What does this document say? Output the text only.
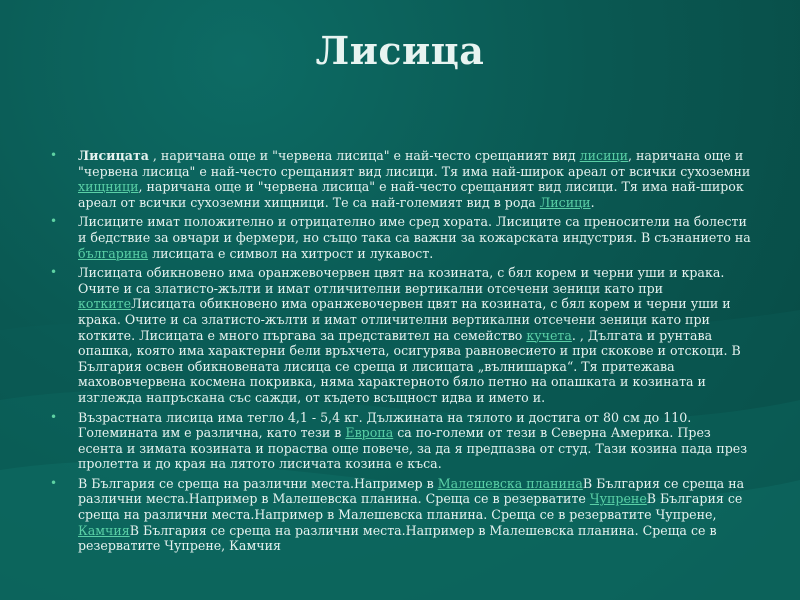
Лисица
• Лисицата , наричана още и "червена лисица" е най-често срещаният вид лисици, наричана още и "червена лисица" е най-често срещаният вид лисици. Тя има най-широк ареал от всички сухоземни хищници, наричана още и "червена лисица" е най-често срещаният вид лисици. Тя има най-широк ареал от всички сухоземни хищници. Те са най-големият вид в рода Лисици.
• Лисиците имат положително и отрицателно име сред хората. Лисиците са преносители на болести и бедствие за овчари и фермери, но също така са важни за кожарската индустрия. В съзнанието на българина лисицата е символ на хитрост и лукавост.
• Лисицата обикновено има оранжевочервен цвят на козината, с бял корем и черни уши и крака. Очите и са златисто-жълти и имат отличителни вертикални отсечени зеници като при коткитеЛисицата обикновено има оранжевочервен цвят на козината, с бял корем и черни уши и крака. Очите и са златисто-жълти и имат отличителни вертикални отсечени зеници като при котките. Лисицата е много пъргава за представител на семейство кучета. , Дългата и рунтава опашка, която има характерни бели връхчета, осигурява равновесието и при скокове и отскоци. В България освен обикновената лисица се среща и лисицата „вълнишарка“. Тя притежава махововчервена космена покривка, няма характерното бяло петно на опашката и козината и изглежда напръскана със сажди, от където всъщност идва и името и.
• Възрастната лисица има тегло 4,1 - 5,4 кг. Дължината на тялото и достига от 80 см до 110. Големината им е различна, като тези в Европа са по-големи от тези в Северна Америка. През есента и зимата козината и пораства още повече, за да я предпазва от студ. Тази козина пада през пролетта и до края на лятото лисичата козина е къса.
• В България се среща на различни места.Например в Малешевска планинаВ България се среща на различни места.Например в Малешевска планина. Среща се в резерватите ЧупренеВ България се среща на различни места.Например в Малешевска планина. Среща се в резерватите Чупрене, КамчияВ България се среща на различни места.Например в Малешевска планина. Среща се в резерватите Чупрене, Камчия
